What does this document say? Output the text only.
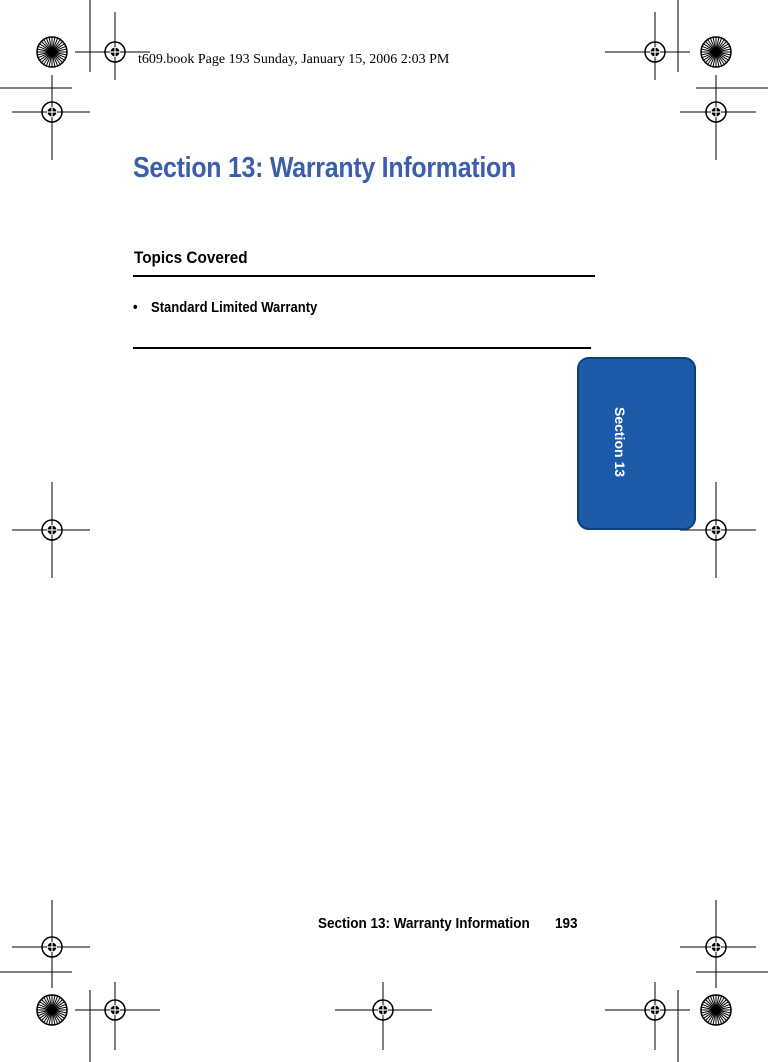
t609.book Page 193 Sunday, January 15, 2006 2:03 PM
Section 13: Warranty Information
Topics Covered
• Standard Limited Warranty
Section 13
Section 13: Warranty Information 193
